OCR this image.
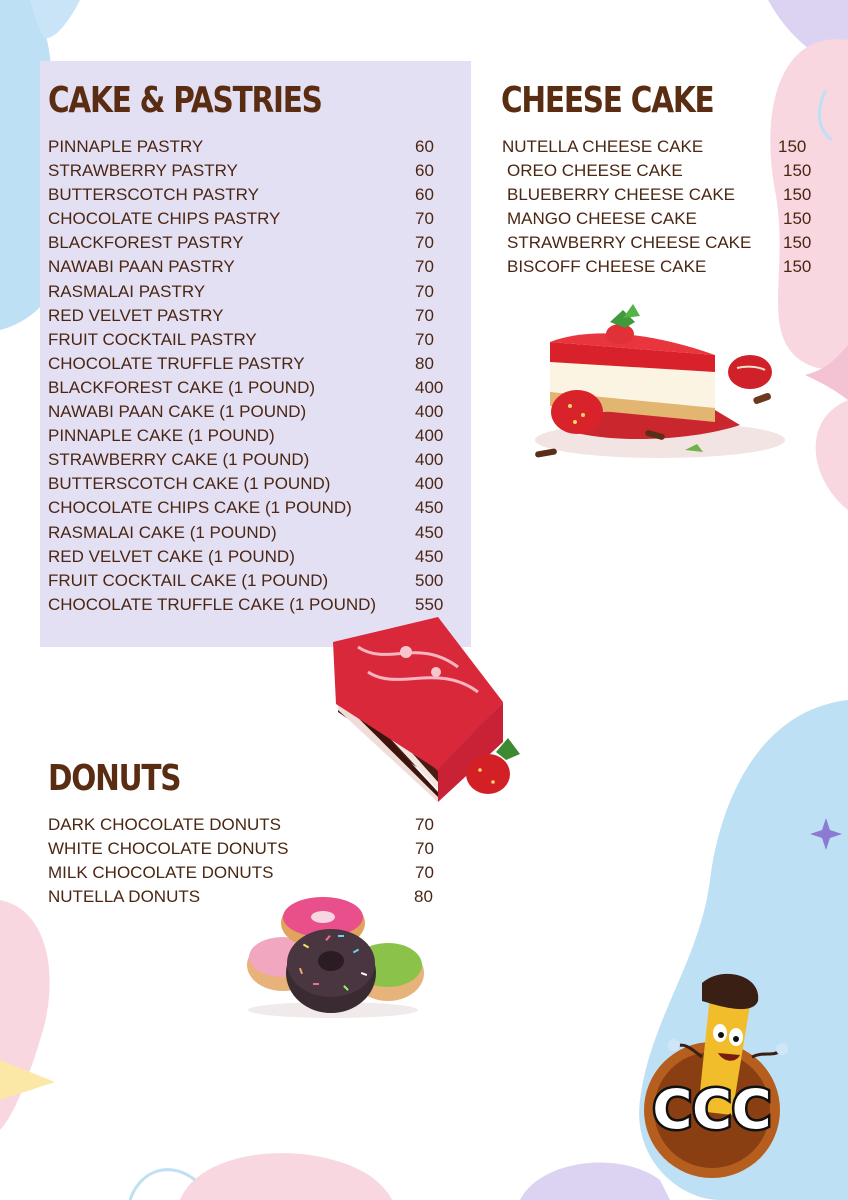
CAKE & PASTRIES
PINNAPLE PASTRY	60
STRAWBERRY PASTRY	60
BUTTERSCOTCH PASTRY	60
CHOCOLATE CHIPS PASTRY	70
BLACKFOREST PASTRY	70
NAWABI PAAN PASTRY	70
RASMALAI PASTRY	70
RED VELVET PASTRY	70
FRUIT COCKTAIL PASTRY	70
CHOCOLATE TRUFFLE PASTRY	80
BLACKFOREST CAKE (1 POUND)	400
NAWABI PAAN CAKE (1 POUND)	400
PINNAPLE CAKE (1 POUND)	400
STRAWBERRY CAKE (1 POUND)	400
BUTTERSCOTCH CAKE (1 POUND)	400
CHOCOLATE CHIPS CAKE (1 POUND)	450
RASMALAI CAKE (1 POUND)	450
RED VELVET CAKE (1 POUND)	450
FRUIT COCKTAIL CAKE (1 POUND)	500
CHOCOLATE TRUFFLE CAKE (1 POUND) 550
CHEESE CAKE
NUTELLA CHEESE CAKE	150
OREO CHEESE CAKE	150
BLUEBERRY CHEESE CAKE	150
MANGO CHEESE CAKE	150
STRAWBERRY CHEESE CAKE 150
BISCOFF CHEESE CAKE	150
DONUTS
DARK CHOCOLATE DONUTS	70
WHITE CHOCOLATE DONUTS	70
MILK CHOCOLATE DONUTS	70
NUTELLA DONUTS	80
CCC
